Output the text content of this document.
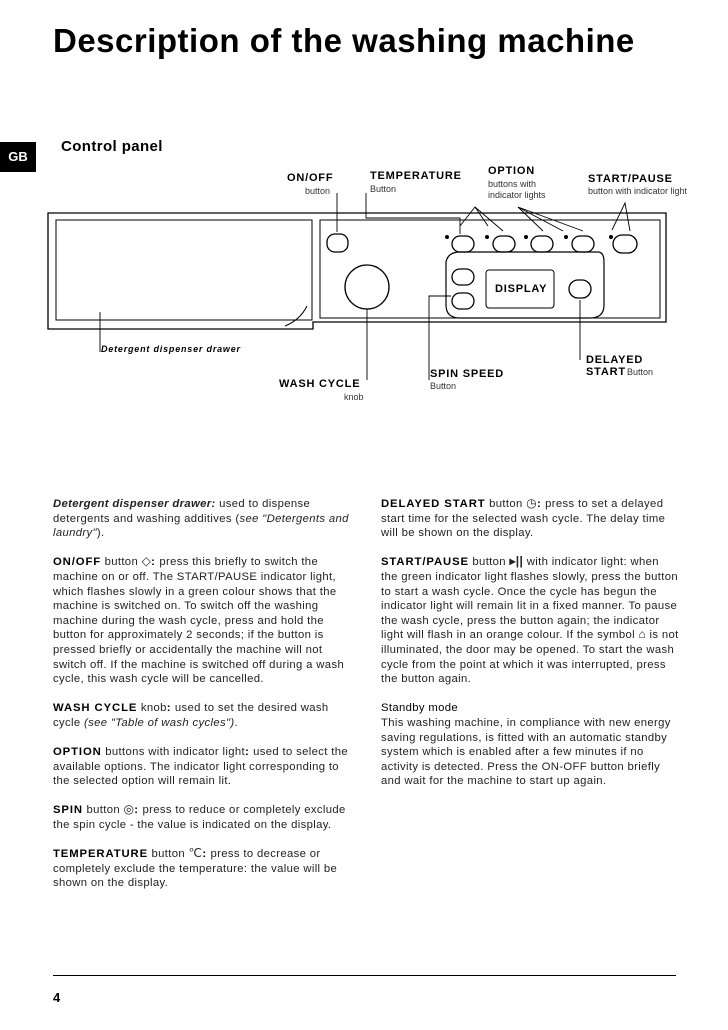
Description of the washing machine
GB
Control panel
ON/OFF
button
TEMPERATURE
Button
OPTION
buttons with
indicator lights
START/PAUSE
button with indicator light
DISPLAY
Detergent dispenser drawer
WASH CYCLE
knob
SPIN SPEED
Button
DELAYED
START Button

Detergent dispenser drawer: used to dispense detergents and washing additives (see "Detergents and laundry").

ON/OFF button ◇: press this briefly to switch the machine on or off. The START/PAUSE indicator light, which flashes slowly in a green colour shows that the machine is switched on. To switch off the washing machine during the wash cycle, press and hold the button for approximately 2 seconds; if the button is pressed briefly or accidentally the machine will not switch off. If the machine is switched off during a wash cycle, this wash cycle will be cancelled.

WASH CYCLE knob: used to set the desired wash cycle (see "Table of wash cycles").

OPTION buttons with indicator light: used to select the available options. The indicator light corresponding to the selected option will remain lit.

SPIN button ◎: press to reduce or completely exclude the spin cycle - the value is indicated on the display.

TEMPERATURE button ℃: press to decrease or completely exclude the temperature: the value will be shown on the display.

DELAYED START button ◷: press to set a delayed start time for the selected wash cycle. The delay time will be shown on the display.

START/PAUSE button ▸|| with indicator light: when the green indicator light flashes slowly, press the button to start a wash cycle. Once the cycle has begun the indicator light will remain lit in a fixed manner. To pause the wash cycle, press the button again; the indicator light will flash in an orange colour. If the symbol ⌂ is not illuminated, the door may be opened. To start the wash cycle from the point at which it was interrupted, press the button again.

Standby mode
This washing machine, in compliance with new energy saving regulations, is fitted with an automatic standby system which is enabled after a few minutes if no activity is detected. Press the ON-OFF button briefly and wait for the machine to start up again.

4
